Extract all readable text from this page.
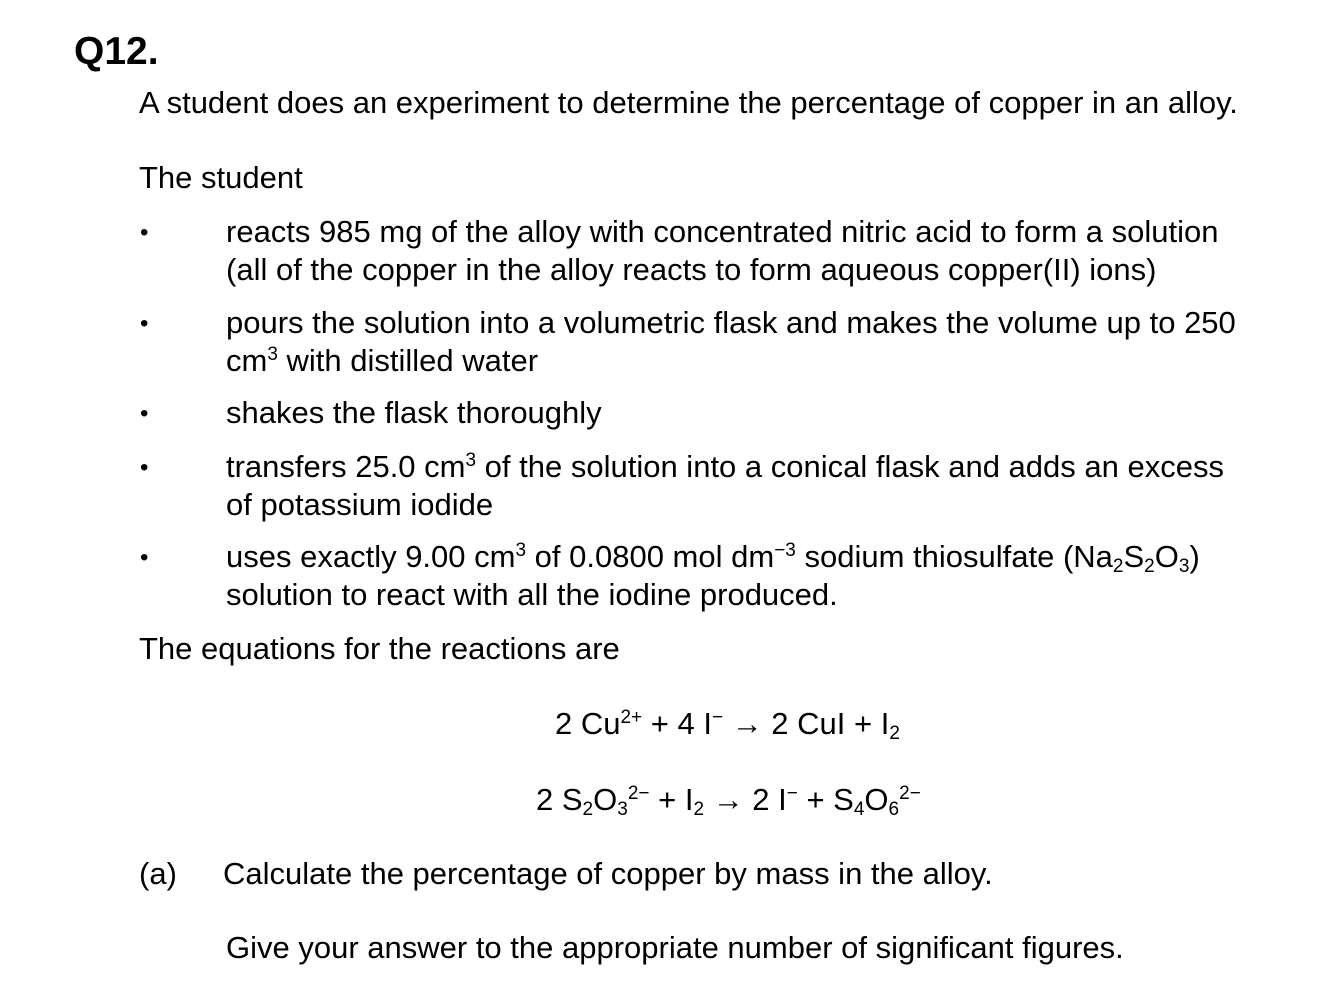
Q12.
A student does an experiment to determine the percentage of copper in an alloy.
The student
•	reacts 985 mg of the alloy with concentrated nitric acid to form a solution
(all of the copper in the alloy reacts to form aqueous copper(II) ions)
•	pours the solution into a volumetric flask and makes the volume up to 250
$cm^3$ with distilled water
•	shakes the flask thoroughly
•	transfers 25.0 $cm^3$ of the solution into a conical flask and adds an excess
of potassium iodide
•	uses exactly 9.00 $cm^3$ of 0.0800 mol $dm^{-3}$ sodium thiosulfate $(Na_2S_2O_3)$
solution to react with all the iodine produced.
The equations for the reactions are
2 $Cu^{2+} + 4$ I− → 2 CuI + $I_2$
2 $S_2O_3^{2-} + I_2 \to 2$ $I^- + S_4O_6^{2-}$
(a) Calculate the percentage of copper by mass in the alloy.
Give your answer to the appropriate number of significant figures.
